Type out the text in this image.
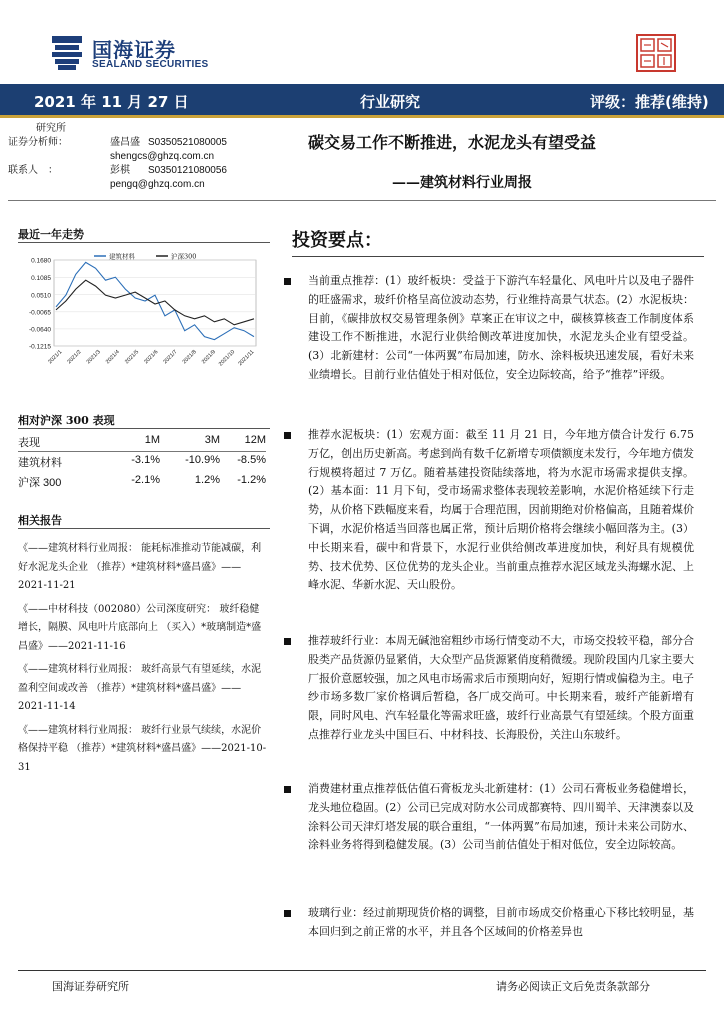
国海证券
SEALAND SECURITIES
2021 年 11 月 27 日	行业研究	评级：推荐(维持)
研究所
证券分析师：	盛昌盛 S0350521080005
shengcs@ghzq.com.cn
联系人　：	彭棋 S0350121080056
pengq@ghzq.com.cn
碳交易工作不断推进，水泥龙头有望受益
——建筑材料行业周报
最近一年走势
0.1680
0.1085
0.0510
-0.0065
-0.0640
-0.1215
2021/1 2021/2 2021/3 2021/4 2021/5 2021/6 2021/7 2021/8 2021/9 2021/10 2021/11
建筑材料	沪深300
相对沪深 300 表现
表现	1M	3M	12M
建筑材料	-3.1%	-10.9%	-8.5%
沪深 300	-2.1%	1.2%	-1.2%
相关报告

《——建筑材料行业周报： 能耗标准推动节能减碳，利好水泥龙头企业 （推荐）*建筑材料*盛昌盛》——2021-11-21

《——中材科技（002080）公司深度研究： 玻纤稳健增长，隔膜、风电叶片底部向上 （买入）*玻璃制造*盛昌盛》——2021-11-16

《——建筑材料行业周报： 玻纤高景气有望延续，水泥盈利空间或改善 （推荐）*建筑材料*盛昌盛》——2021-11-14

《——建筑材料行业周报： 玻纤行业景气续续，水泥价格保持平稳 （推荐）*建筑材料*盛昌盛》——2021-10-31

投资要点：
当前重点推荐：(1）玻纤板块：受益于下游汽车轻量化、风电叶片以及电子器件的旺盛需求，玻纤价格呈高位波动态势，行业维持高景气状态。(2）水泥板块：目前，《碳排放权交易管理条例》草案正在审议之中，碳核算核查工作制度体系建设工作不断推进，水泥行业供给侧改革进度加快，水泥龙头企业有望受益。(3）北新建材：公司“一体两翼”布局加速，防水、涂料板块迅速发展，看好未来业绩增长。目前行业估值处于相对低位，安全边际较高，给予“推荐”评级。
推荐水泥板块：(1）宏观方面：截至 11 月 21 日，今年地方债合计发行 6.75 万亿，创出历史新高。考虑到尚有数千亿新增专项债额度未发行，今年地方债发行规模将超过 7 万亿。随着基建投资陆续落地，将为水泥市场需求提供支撑。(2）基本面：11 月下旬，受市场需求整体表现较差影响，水泥价格延续下行走势，从价格下跌幅度来看，均属于合理范围，因前期绝对价格偏高，且随着煤价下调，水泥价格适当回落也属正常，预计后期价格将会继续小幅回落为主。(3）中长期来看，碳中和背景下，水泥行业供给侧改革进度加快，利好具有规模优势、技术优势、区位优势的龙头企业。当前重点推荐水泥区域龙头海螺水泥、上峰水泥、华新水泥、天山股份。
推荐玻纤行业：本周无碱池窑粗纱市场行情变动不大，市场交投较平稳，部分合股类产品货源仍显紧俏，大众型产品货源紧俏度稍微缓。现阶段国内几家主要大厂报价意愿较强，加之风电市场需求后市预期向好，短期行情或偏稳为主。电子纱市场多数厂家价格调后暂稳，各厂成交尚可。中长期来看，玻纤产能新增有限，同时风电、汽车轻量化等需求旺盛，玻纤行业高景气有望延续。个股方面重点推荐行业龙头中国巨石、中材科技、长海股份，关注山东玻纤。
消费建材重点推荐低估值石膏板龙头北新建材：(1）公司石膏板业务稳健增长，龙头地位稳固。(2）公司已完成对防水公司成都赛特、四川蜀羊、天津澳泰以及涂料公司天津灯塔发展的联合重组，“一体两翼”布局加速，预计未来公司防水、涂料业务将得到稳健发展。(3）公司当前估值处于相对低位，安全边际较高。
玻璃行业：经过前期现货价格的调整，目前市场成交价格重心下移比较明显，基本回归到之前正常的水平，并且各个区域间的价格差异也
国海证券研究所	请务必阅读正文后免责条款部分
